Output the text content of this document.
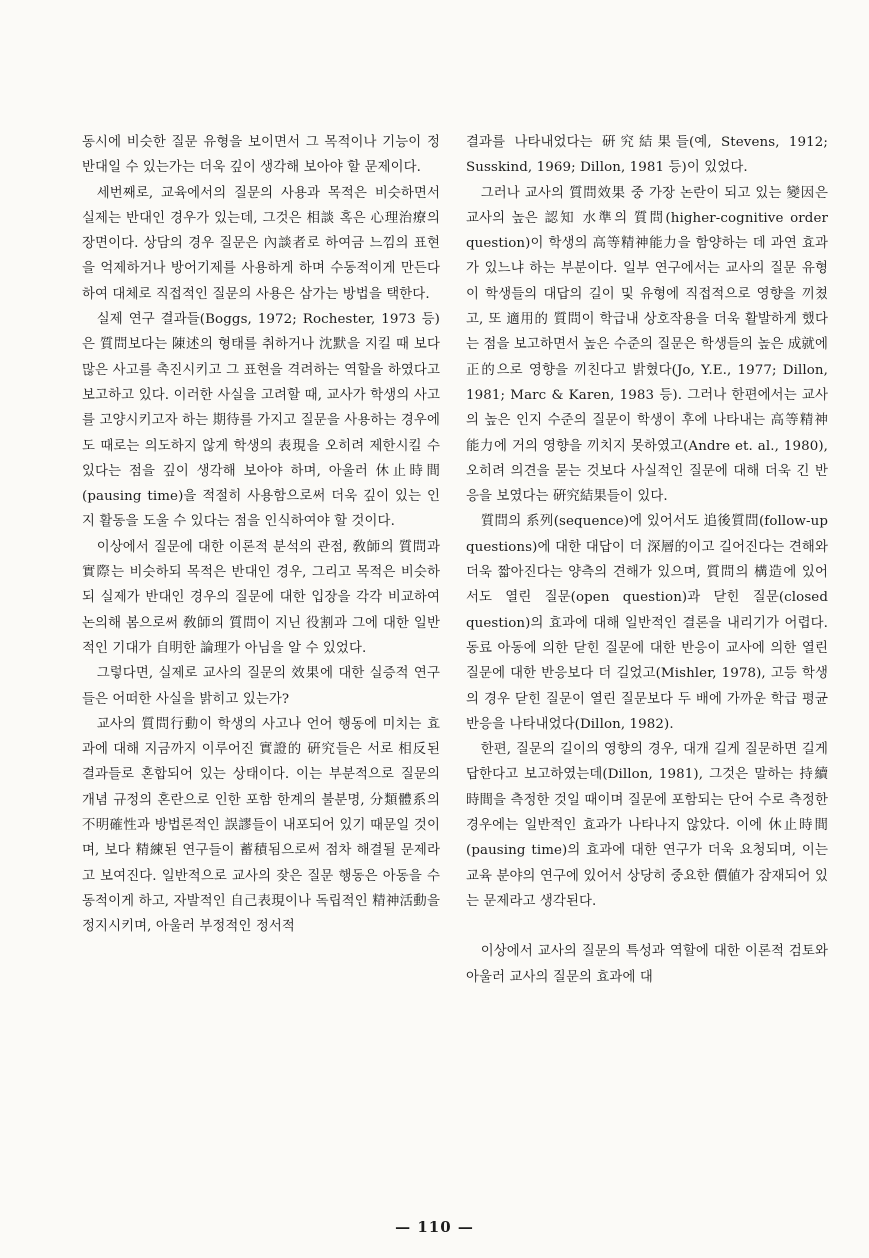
동시에 비슷한 질문 유형을 보이면서 그 목적이나 기능이 정반대일 수 있는가는 더욱 깊이 생각해 보아야 할 문제이다.

세번째로, 교육에서의 질문의 사용과 목적은 비슷하면서 실제는 반대인 경우가 있는데, 그것은 相談 혹은 心理治療의 장면이다. 상담의 경우 질문은 內談者로 하여금 느낌의 표현을 억제하거나 방어기제를 사용하게 하며 수동적이게 만든다 하여 대체로 직접적인 질문의 사용은 삼가는 방법을 택한다.

실제 연구 결과들(Boggs, 1972; Rochester, 1973 등)은 質問보다는 陳述의 형태를 취하거나 沈默을 지킬 때 보다 많은 사고를 촉진시키고 그 표현을 격려하는 역할을 하였다고 보고하고 있다. 이러한 사실을 고려할 때, 교사가 학생의 사고를 고양시키고자 하는 期待를 가지고 질문을 사용하는 경우에도 때로는 의도하지 않게 학생의 表現을 오히려 제한시킬 수 있다는 점을 깊이 생각해 보아야 하며, 아울러 休止時間(pausing time)을 적절히 사용함으로써 더욱 깊이 있는 인지 활동을 도울 수 있다는 점을 인식하여야 할 것이다.

이상에서 질문에 대한 이론적 분석의 관점, 敎師의 質問과 實際는 비슷하되 목적은 반대인 경우, 그리고 목적은 비슷하되 실제가 반대인 경우의 질문에 대한 입장을 각각 비교하여 논의해 봄으로써 敎師의 質問이 지닌 役割과 그에 대한 일반적인 기대가 自明한 論理가 아님을 알 수 있었다.

그렇다면, 실제로 교사의 질문의 效果에 대한 실증적 연구들은 어떠한 사실을 밝히고 있는가?

교사의 質問行動이 학생의 사고나 언어 행동에 미치는 효과에 대해 지금까지 이루어진 實證的 硏究들은 서로 相反된 결과들로 혼합되어 있는 상태이다. 이는 부분적으로 질문의 개념 규정의 혼란으로 인한 포함 한계의 불분명, 分類體系의 不明確性과 방법론적인 誤謬들이 내포되어 있기 때문일 것이며, 보다 精練된 연구들이 蓄積됨으로써 점차 해결될 문제라고 보여진다. 일반적으로 교사의 잦은 질문 행동은 아동을 수동적이게 하고, 자발적인 自己表現이나 독립적인 精神活動을 정지시키며, 아울러 부정적인 정서적

결과를 나타내었다는 硏究結果들(예, Stevens, 1912; Susskind, 1969; Dillon, 1981 등)이 있었다.

그러나 교사의 質問效果 중 가장 논란이 되고 있는 變因은 교사의 높은 認知 水準의 質問(higher-cognitive order question)이 학생의 高等精神能力을 함양하는 데 과연 효과가 있느냐 하는 부분이다. 일부 연구에서는 교사의 질문 유형이 학생들의 대답의 길이 및 유형에 직접적으로 영향을 끼쳤고, 또 適用的 質問이 학급내 상호작용을 더욱 활발하게 했다는 점을 보고하면서 높은 수준의 질문은 학생들의 높은 成就에 正的으로 영향을 끼친다고 밝혔다(Jo, Y.E., 1977; Dillon, 1981; Marc & Karen, 1983 등). 그러나 한편에서는 교사의 높은 인지 수준의 질문이 학생이 후에 나타내는 高等精神能力에 거의 영향을 끼치지 못하였고(Andre et. al., 1980), 오히려 의견을 묻는 것보다 사실적인 질문에 대해 더욱 긴 반응을 보였다는 硏究結果들이 있다.

質問의 系列(sequence)에 있어서도 追後質問(follow-up questions)에 대한 대답이 더 深層的이고 길어진다는 견해와 더욱 짧아진다는 양측의 견해가 있으며, 質問의 構造에 있어서도 열린 질문(open question)과 닫힌 질문(closed question)의 효과에 대해 일반적인 결론을 내리기가 어렵다. 동료 아동에 의한 닫힌 질문에 대한 반응이 교사에 의한 열린 질문에 대한 반응보다 더 길었고(Mishler, 1978), 고등 학생의 경우 닫힌 질문이 열린 질문보다 두 배에 가까운 학급 평균 반응을 나타내었다(Dillon, 1982).

한편, 질문의 길이의 영향의 경우, 대개 길게 질문하면 길게 답한다고 보고하였는데(Dillon, 1981), 그것은 말하는 持續時間을 측정한 것일 때이며 질문에 포함되는 단어 수로 측정한 경우에는 일반적인 효과가 나타나지 않았다. 이에 休止時間(pausing time)의 효과에 대한 연구가 더욱 요청되며, 이는 교육 분야의 연구에 있어서 상당히 중요한 價値가 잠재되어 있는 문제라고 생각된다.

이상에서 교사의 질문의 특성과 역할에 대한 이론적 검토와 아울러 교사의 질문의 효과에 대

— 110 —
